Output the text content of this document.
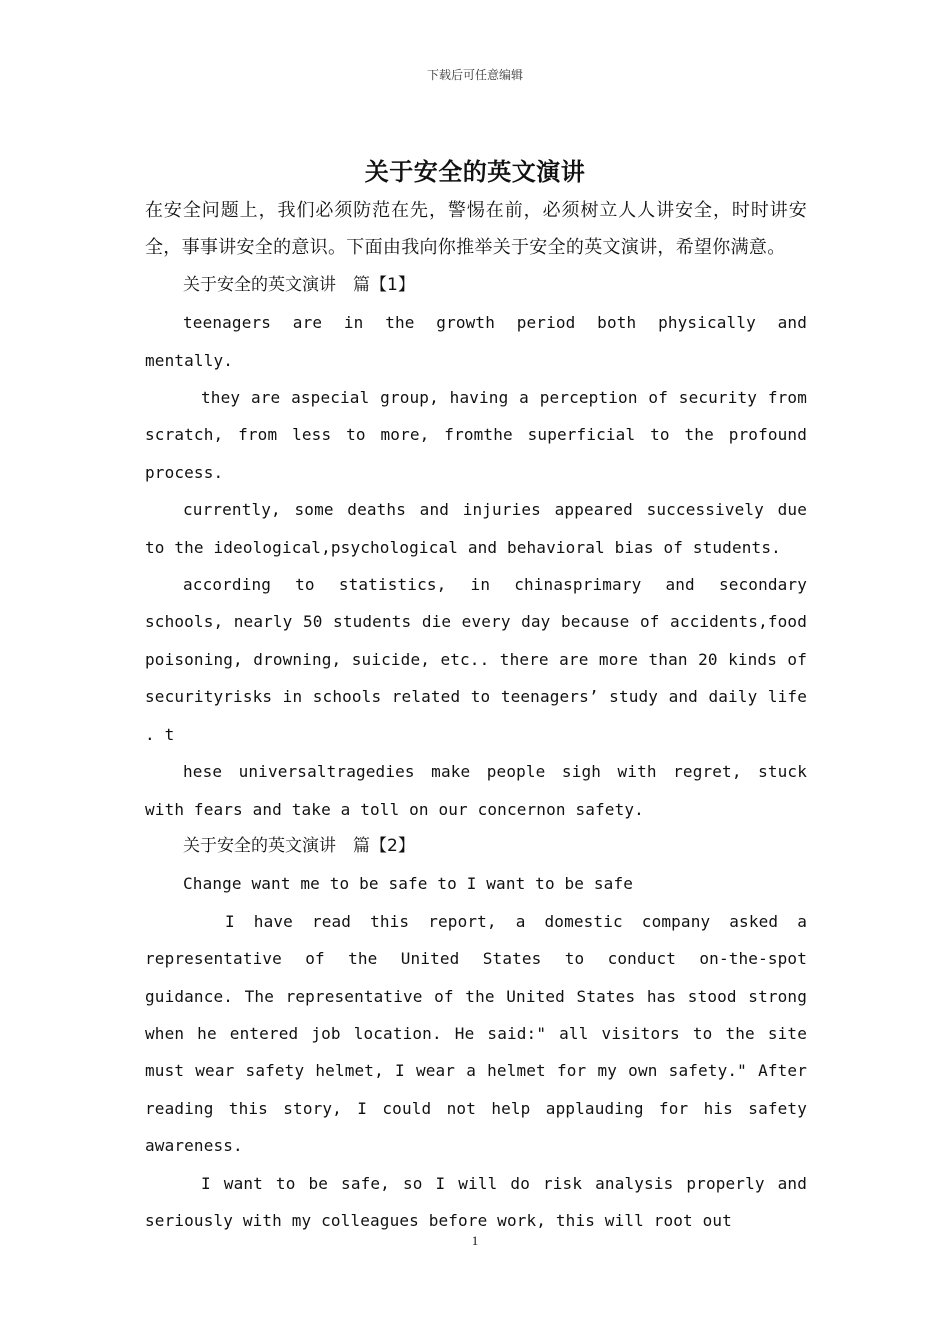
下载后可任意编辑
关于安全的英文演讲

在安全问题上，我们必须防范在先，警惕在前，必须树立人人讲安全，时时讲安全，事事讲安全的意识。下面由我向你推举关于安全的英文演讲，希望你满意。

关于安全的英文演讲　篇【1】

teenagers are in the growth period both physically and mentally.

they are aspecial group, having a perception of security from scratch, from less to more, fromthe superficial to the profound process.

currently, some deaths and injuries appeared successively due to the ideological,psychological and behavioral bias of students.

according to statistics, in chinasprimary and secondary schools, nearly 50 students die every day because of accidents,food poisoning, drowning, suicide, etc.. there are more than 20 kinds of securityrisks in schools related to teenagers’ study and daily life . t

hese universaltragedies make people sigh with regret, stuck with fears and take a toll on our concernon safety.

关于安全的英文演讲　篇【2】

Change want me to be safe to I want to be safe

I have read this report, a domestic company asked a representative of the United States to conduct on-the-spot guidance. The representative of the United States has stood strong when he entered job location. He said:" all visitors to the site must wear safety helmet, I wear a helmet for my own safety." After reading this story, I could not help applauding for his safety awareness.

I want to be safe, so I will do risk analysis properly and seriously with my colleagues before work, this will root out

1
